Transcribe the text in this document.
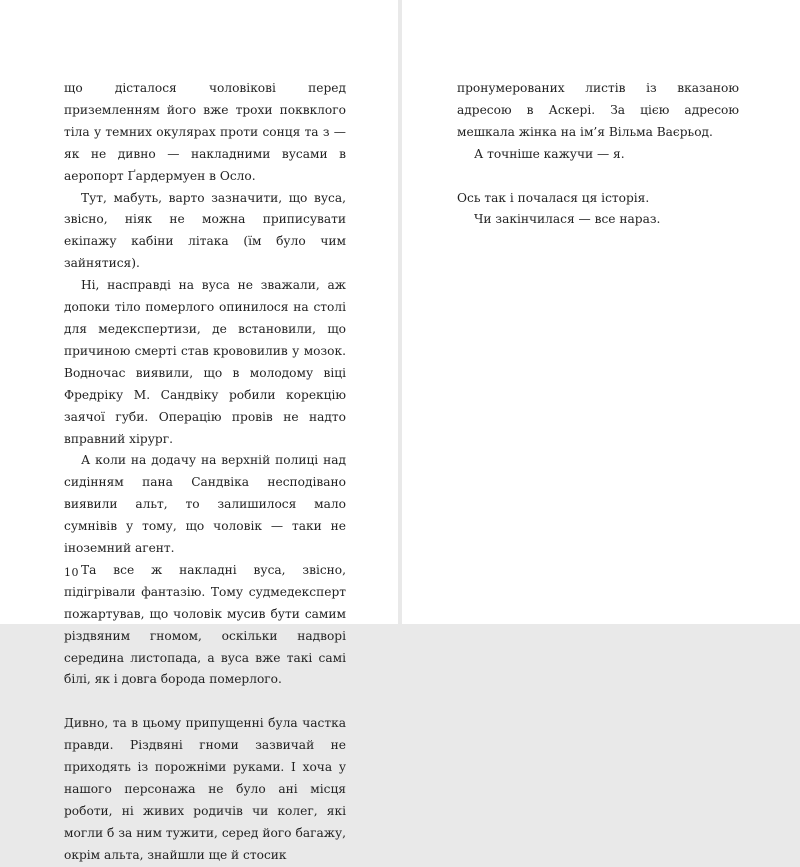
що дісталося чоловікові перед приземленням його вже трохи поквклого тіла у темних окулярах проти сонця та з — як не дивно — накладними вусами в аеропорт Ґардермуен в Осло.

Тут, мабуть, варто зазначити, що вуса, звісно, ніяк не можна приписувати екіпажу кабіни літака (їм було чим зайнятися).

Ні, насправді на вуса не зважали, аж допоки тіло померлого опинилося на столі для медекспертизи, де встановили, що причиною смерті став крововилив у мозок. Водночас виявили, що в молодому віці Фредріку М. Сандвіку робили корекцію заячої губи. Операцію провів не надто вправний хірург.

А коли на додачу на верхній полиці над сидінням пана Сандвіка несподівано виявили альт, то залишилося мало сумнівів у тому, що чоловік — таки не іноземний агент.

Та все ж накладні вуса, звісно, підігрівали фантазію. Тому судмедексперт пожартував, що чоловік мусив бути самим різдвяним гномом, оскільки надворі середина листопада, а вуса вже такі самі білі, як і довга борода померлого.

Дивно, та в цьому припущенні була частка правди. Різдвяні гноми зазвичай не приходять із порожніми руками. І хоча у нашого персонажа не було ані місця роботи, ні живих родичів чи колег, які могли б за ним тужити, серед його багажу, окрім альта, знайшли ще й стосик

10

пронумерованих листів із вказаною адресою в Аскері. За цією адресою мешкала жінка на ім’я Вільма Ваєрьод.

А точніше кажучи — я.

Ось так і почалася ця історія.

Чи закінчилася — все нараз.
